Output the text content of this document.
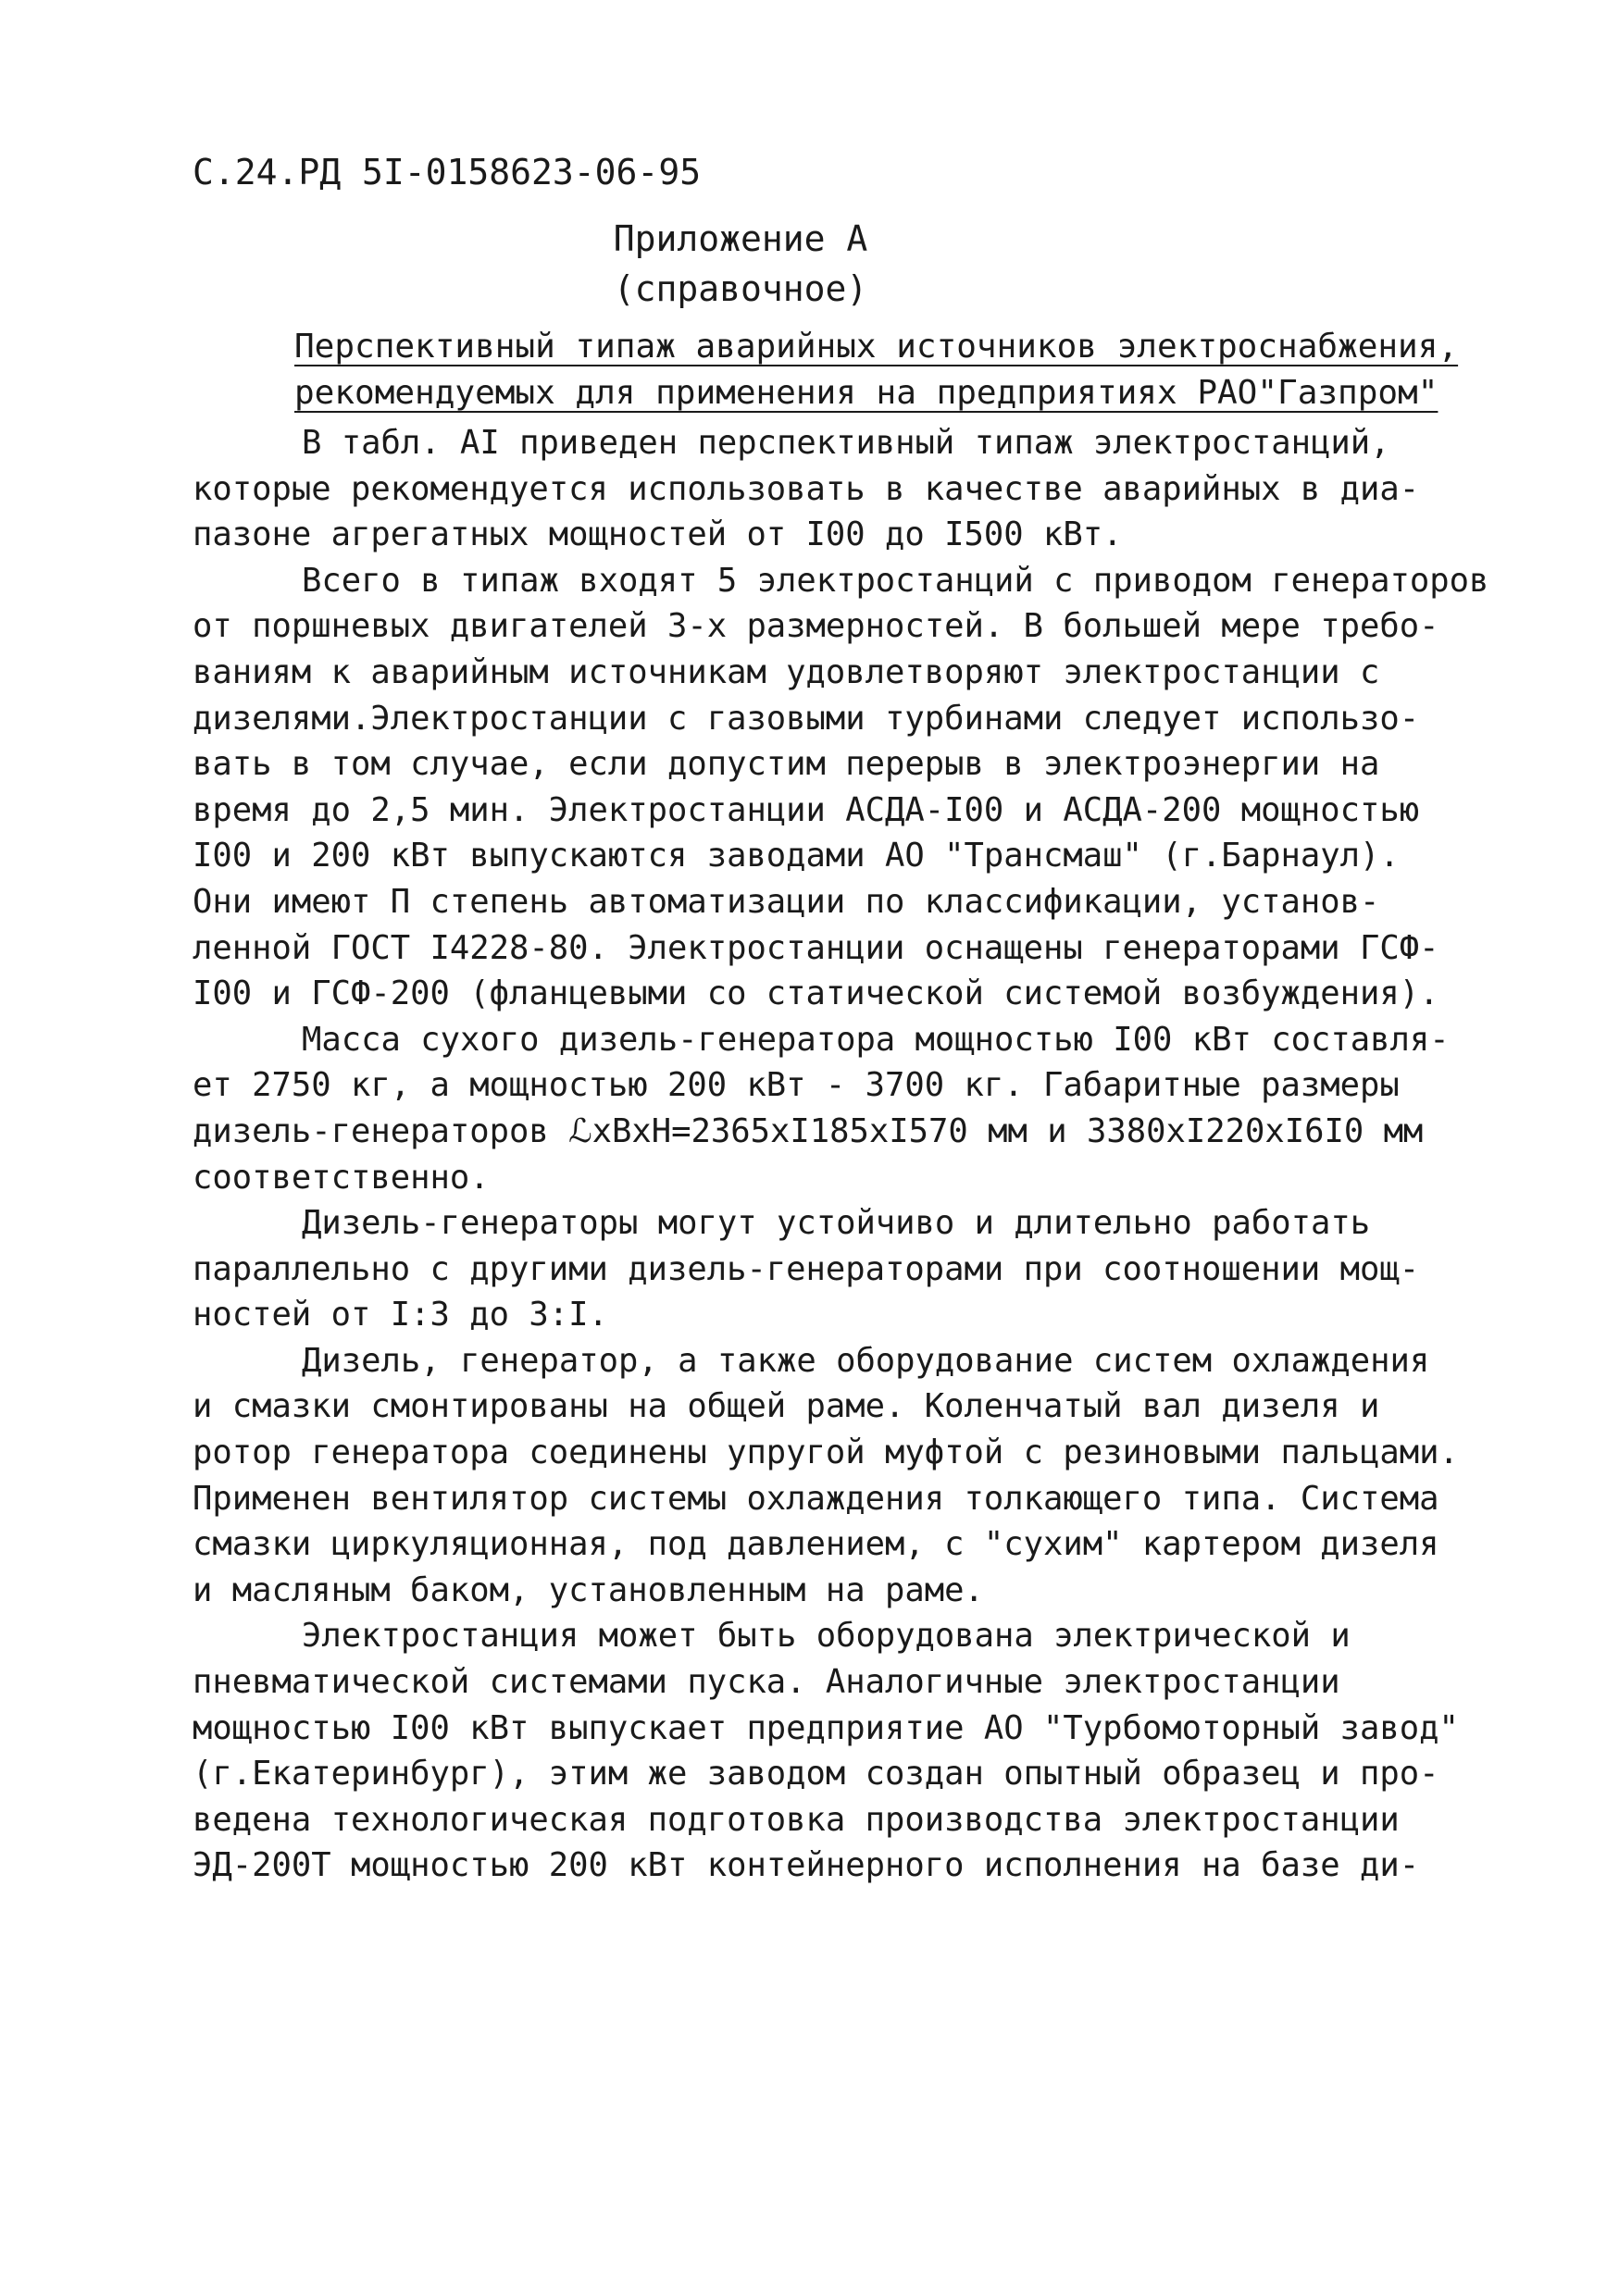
С.24.РД 5I-0158623-06-95
Приложение А
(справочное)
Перспективный типаж аварийных источников электроснабжения,
рекомендуемых для применения на предприятиях РАО"Газпром"
В табл. АI приведен перспективный типаж электростанций,
которые рекомендуется использовать в качестве аварийных в диа-
пазоне агрегатных мощностей от I00 до I500 кВт.
Всего в типаж входят 5 электростанций с приводом генераторов
от поршневых двигателей 3-х размерностей. В большей мере требо-
ваниям к аварийным источникам удовлетворяют электростанции с
дизелями.Электростанции с газовыми турбинами следует использо-
вать в том случае, если допустим перерыв в электроэнергии на
время до 2,5 мин. Электростанции АСДА-I00 и АСДА-200 мощностью
I00 и 200 кВт выпускаются заводами АО "Трансмаш" (г.Барнаул).
Они имеют П степень автоматизации по классификации, установ-
ленной ГОСТ I4228-80. Электростанции оснащены генераторами ГСФ-
I00 и ГСФ-200 (фланцевыми со статической системой возбуждения).
Масса сухого дизель-генератора мощностью I00 кВт составля-
ет 2750 кг, а мощностью 200 кВт - 3700 кг. Габаритные размеры
дизель-генераторов ℒxВxН=2365хI185хI570 мм и 3380хI220хI6I0 мм
соответственно.
Дизель-генераторы могут устойчиво и длительно работать
параллельно с другими дизель-генераторами при соотношении мощ-
ностей от I:3 до 3:I.
Дизель, генератор, а также оборудование систем охлаждения
и смазки смонтированы на общей раме. Коленчатый вал дизеля и
ротор генератора соединены упругой муфтой с резиновыми пальцами.
Применен вентилятор системы охлаждения толкающего типа. Система
смазки циркуляционная, под давлением, с "сухим" картером дизеля
и масляным баком, установленным на раме.
Электростанция может быть оборудована электрической и
пневматической системами пуска. Аналогичные электростанции
мощностью I00 кВт выпускает предприятие АО "Турбомоторный завод"
(г.Екатеринбург), этим же заводом создан опытный образец и про-
ведена технологическая подготовка производства электростанции
ЭД-200Т мощностью 200 кВт контейнерного исполнения на базе ди-
